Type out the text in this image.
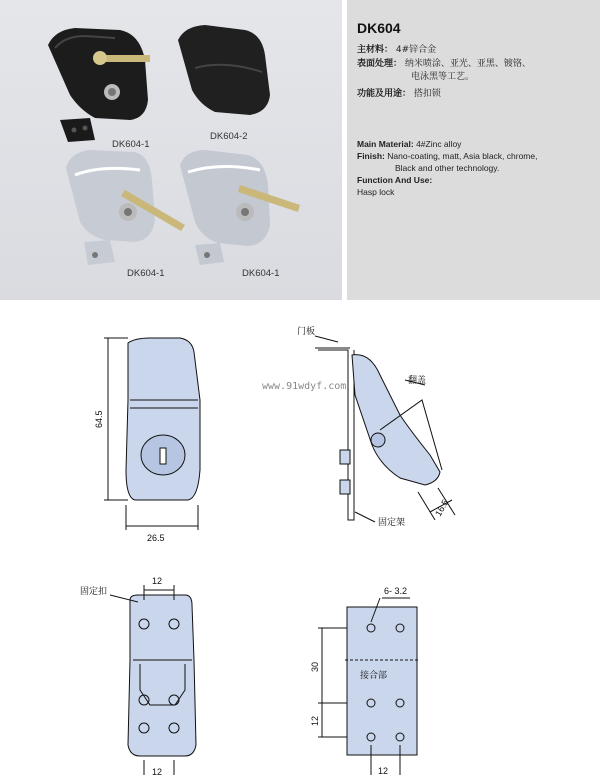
DK604-1
DK604-2
DK604-1	DK604-1
DK604
主材料： 4#锌合金
表面处理： 纳米喷涂、亚光、亚黑、镀铬、
电泳黑等工艺。
功能及用途： 搭扣锁
Main Material: 4#Zinc alloy
Finish: Nano-coating, matt, Asia black, chrome,
Black and other technology.
Function And Use:
Hasp lock
64.5
26.5
门板
翻盖
固定架
16.5
固定扣
12
12
6- 3.2
30
12
接合部
12
www.91wdyf.com
